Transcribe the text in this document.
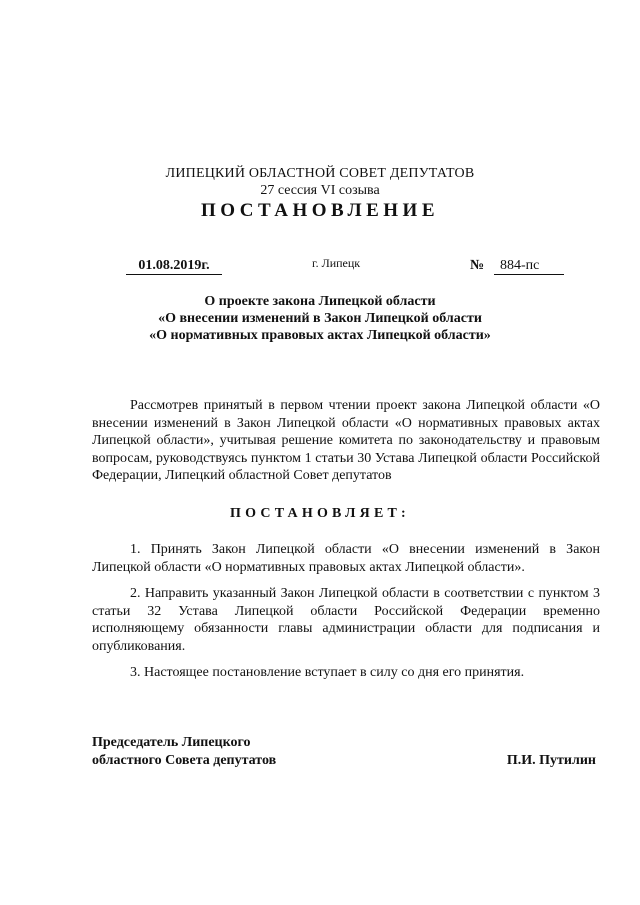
ЛИПЕЦКИЙ ОБЛАСТНОЙ СОВЕТ ДЕПУТАТОВ
27 сессия VI созыва
ПОСТАНОВЛЕНИЕ
01.08.2019г.	г. Липецк	№	884-пс
О проекте закона Липецкой области
«О внесении изменений в Закон Липецкой области
«О нормативных правовых актах Липецкой области»
Рассмотрев принятый в первом чтении проект закона Липецкой области «О внесении изменений в Закон Липецкой области «О нормативных правовых актах Липецкой области», учитывая решение комитета по законодательству и правовым вопросам, руководствуясь пунктом 1 статьи 30 Устава Липецкой области Российской Федерации, Липецкий областной Совет депутатов
ПОСТАНОВЛЯЕТ:
1. Принять Закон Липецкой области «О внесении изменений в Закон Липецкой области «О нормативных правовых актах Липецкой области».
2. Направить указанный Закон Липецкой области в соответствии с пунктом 3 статьи 32 Устава Липецкой области Российской Федерации временно исполняющему обязанности главы администрации области для подписания и опубликования.
3. Настоящее постановление вступает в силу со дня его принятия.
Председатель Липецкого
областного Совета депутатов	П.И. Путилин
